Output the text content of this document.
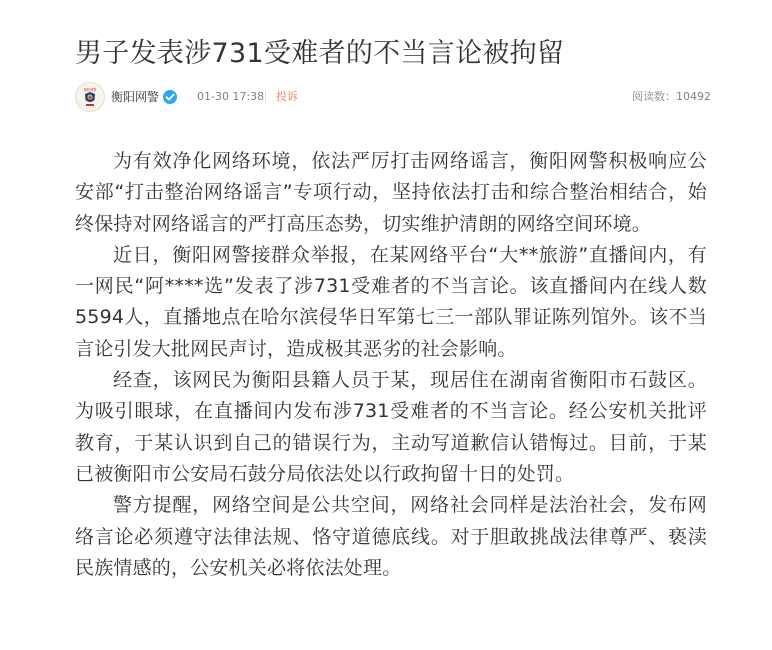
男子发表涉731受难者的不当言论被拘留
衡阳网警 衡阳网警	01-30 17:38 投诉	阅读数：10492

为有效净化网络环境，依法严厉打击网络谣言，衡阳网警积极响应公安部“打击整治网络谣言”专项行动，坚持依法打击和综合整治相结合，始终保持对网络谣言的严打高压态势，切实维护清朗的网络空间环境。

近日，衡阳网警接群众举报，在某网络平台“大**旅游”直播间内，有一网民“阿****选”发表了涉731受难者的不当言论。该直播间内在线人数5594人，直播地点在哈尔滨侵华日军第七三一部队罪证陈列馆外。该不当言论引发大批网民声讨，造成极其恶劣的社会影响。

经查，该网民为衡阳县籍人员于某，现居住在湖南省衡阳市石鼓区。为吸引眼球，在直播间内发布涉731受难者的不当言论。经公安机关批评教育，于某认识到自己的错误行为，主动写道歉信认错悔过。目前，于某已被衡阳市公安局石鼓分局依法处以行政拘留十日的处罚。

警方提醒，网络空间是公共空间，网络社会同样是法治社会，发布网络言论必须遵守法律法规、恪守道德底线。对于胆敢挑战法律尊严、亵渎民族情感的，公安机关必将依法处理。
